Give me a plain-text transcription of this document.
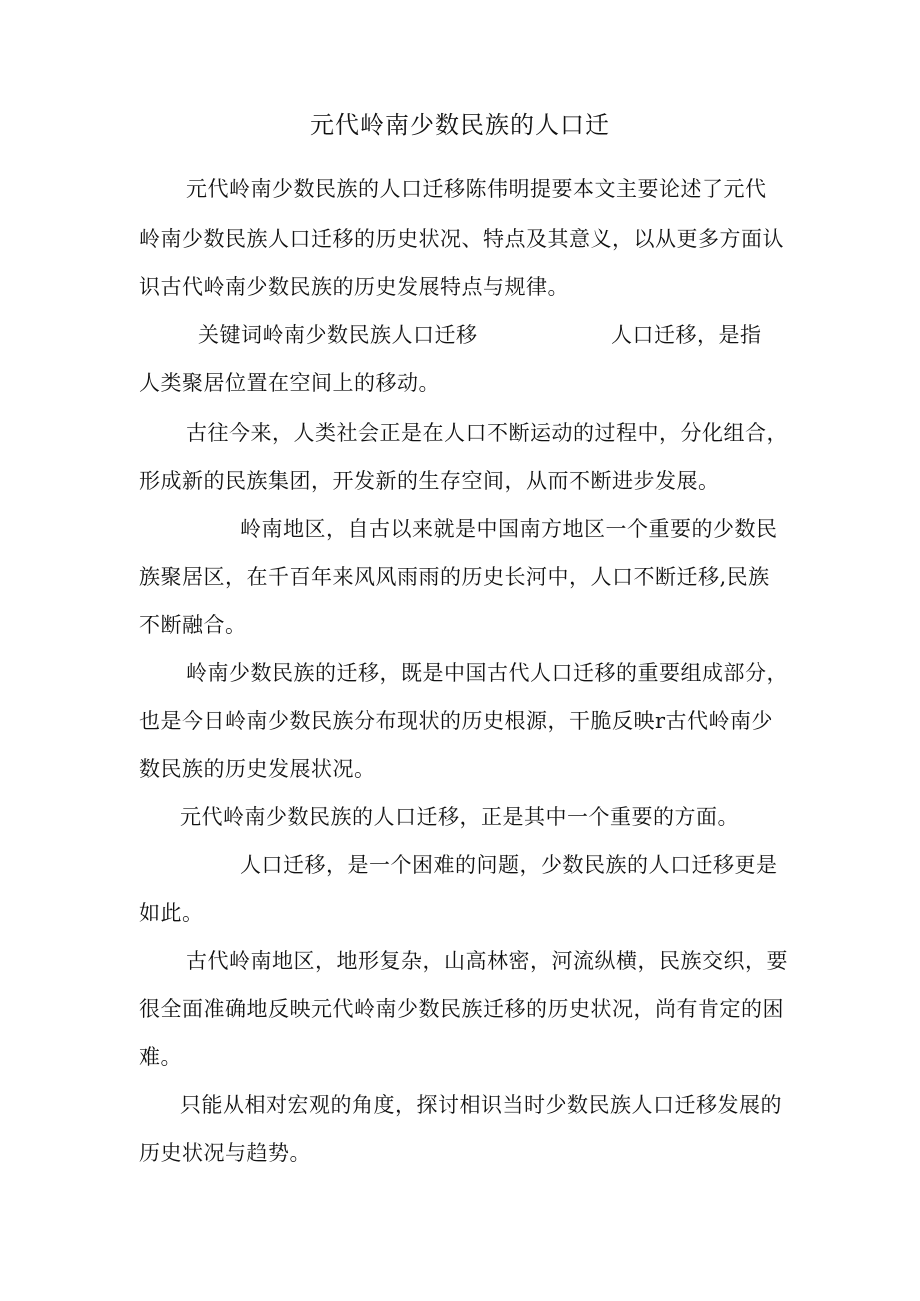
元代岭南少数民族的人口迁
元代岭南少数民族的人口迁移陈伟明提要本文主要论述了元代
岭南少数民族人口迁移的历史状况、特点及其意义，以从更多方面认
识古代岭南少数民族的历史发展特点与规律。
关键词岭南少数民族人口迁移	人口迁移，是指
人类聚居位置在空间上的移动。
古往今来，人类社会正是在人口不断运动的过程中，分化组合，
形成新的民族集团，开发新的生存空间，从而不断进步发展。
岭南地区，自古以来就是中国南方地区一个重要的少数民
族聚居区，在千百年来风风雨雨的历史长河中，人口不断迁移,民族
不断融合。
岭南少数民族的迁移，既是中国古代人口迁移的重要组成部分，
也是今日岭南少数民族分布现状的历史根源，干脆反映r古代岭南少
数民族的历史发展状况。
元代岭南少数民族的人口迁移，正是其中一个重要的方面。
人口迁移，是一个困难的问题，少数民族的人口迁移更是
如此。
古代岭南地区，地形复杂，山高林密，河流纵横，民族交织，要
很全面准确地反映元代岭南少数民族迁移的历史状况，尚有肯定的困
难。
只能从相对宏观的角度，探讨相识当时少数民族人口迁移发展的
历史状况与趋势。
